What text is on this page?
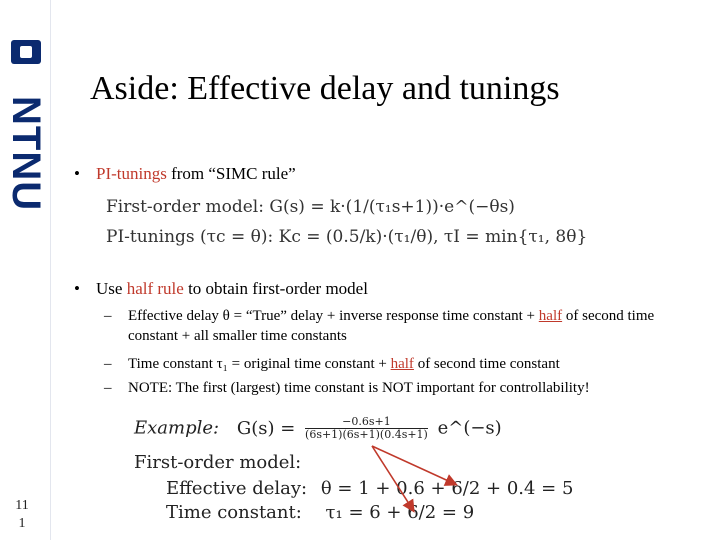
NTNU
11
1
Aside: Effective delay and tunings
• PI-tunings from “SIMC rule”
First-order model: G(s) = k·(1/(τ₁s+1))·e^(−θs)
PI-tunings (τc = θ): Kc = (0.5/k)·(τ₁/θ), τI = min{τ₁, 8θ}
• Use half rule to obtain first-order model
–	Effective delay θ = “True” delay + inverse response time constant + half of second time constant + all smaller time constants
–	Time constant τ₁ = original time constant + half of second time constant
–	NOTE: The first (largest) time constant is NOT important for controllability!
Example: $G(s) = \frac{-0.6s+1}{(6s+1)(6s+1)(0.4s+1)}$ e^(−s)
First-order model:
Effective delay: θ = 1 + 0.6 + 6/2 + 0.4 = 5
Time constant: τ₁ = 6 + 6/2 = 9
